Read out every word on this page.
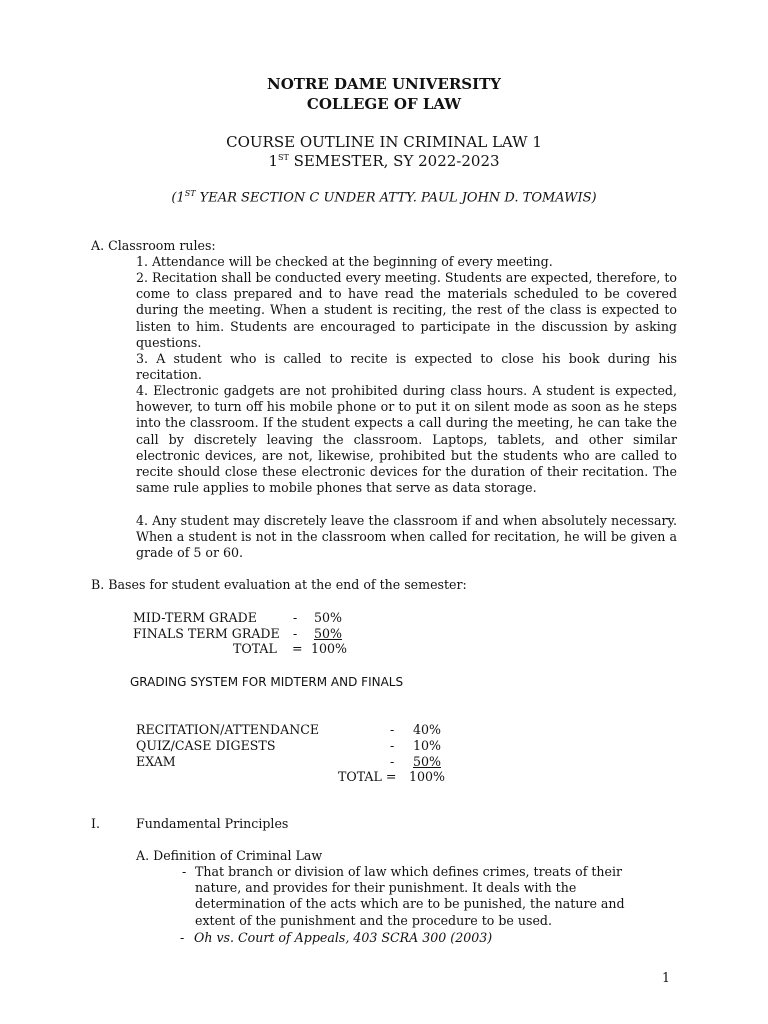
NOTRE DAME UNIVERSITY
COLLEGE OF LAW
COURSE OUTLINE IN CRIMINAL LAW 1
1ST SEMESTER, SY 2022-2023
(1ST YEAR SECTION C UNDER ATTY. PAUL JOHN D. TOMAWIS)
A. Classroom rules:
1. Attendance will be checked at the beginning of every meeting.
2. Recitation shall be conducted every meeting. Students are expected, therefore, to come to class prepared and to have read the materials scheduled to be covered during the meeting. When a student is reciting, the rest of the class is expected to listen to him. Students are encouraged to participate in the discussion by asking questions.
3. A student who is called to recite is expected to close his book during his recitation.
4. Electronic gadgets are not prohibited during class hours. A student is expected, however, to turn off his mobile phone or to put it on silent mode as soon as he steps into the classroom. If the student expects a call during the meeting, he can take the call by discretely leaving the classroom. Laptops, tablets, and other similar electronic devices, are not, likewise, prohibited but the students who are called to recite should close these electronic devices for the duration of their recitation. The same rule applies to mobile phones that serve as data storage.
4. Any student may discretely leave the classroom if and when absolutely necessary. When a student is not in the classroom when called for recitation, he will be given a grade of 5 or 60.
B. Bases for student evaluation at the end of the semester:
MID-TERM GRADE	- 50%
FINALS TERM GRADE - 50%
TOTAL = 100%
GRADING SYSTEM FOR MIDTERM AND FINALS
RECITATION/ATTENDANCE	- 40%
QUIZ/CASE DIGESTS	- 10%
EXAM	- 50%
TOTAL = 100%
I.	Fundamental Principles
A. Definition of Criminal Law
- That branch or division of law which defines crimes, treats of their nature, and provides for their punishment. It deals with the determination of the acts which are to be punished, the nature and extent of the punishment and the procedure to be used.
- Oh vs. Court of Appeals, 403 SCRA 300 (2003)
1
